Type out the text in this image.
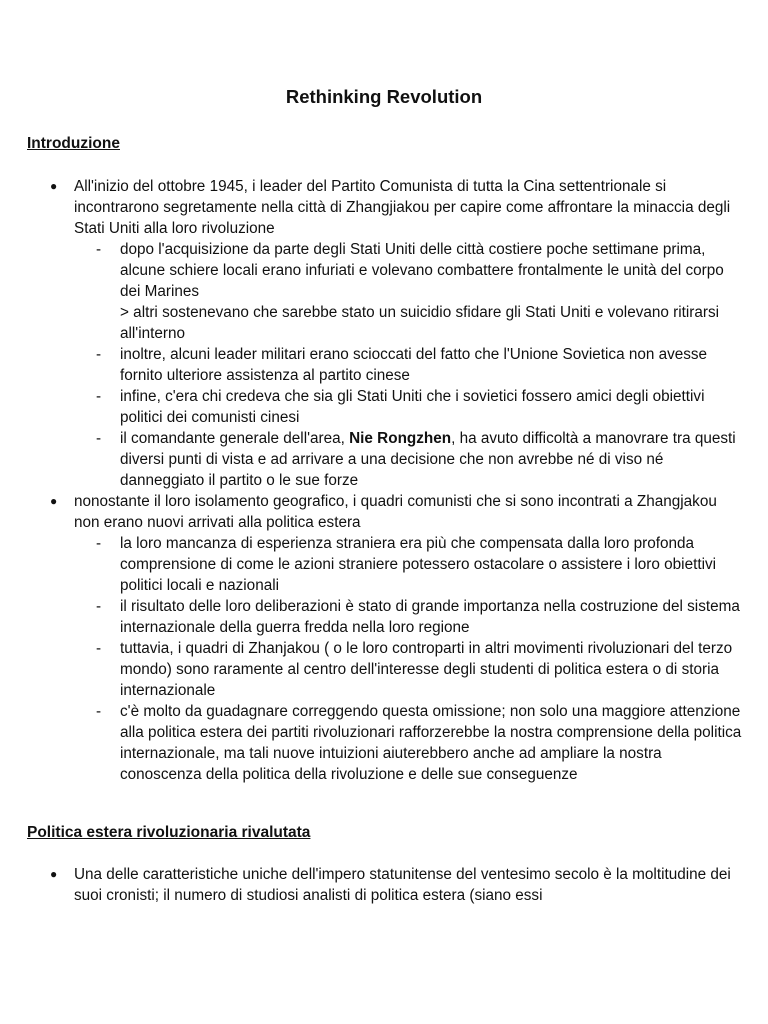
Rethinking Revolution
Introduzione
● All'inizio del ottobre 1945, i leader del Partito Comunista di tutta la Cina settentrionale si incontrarono segretamente nella città di Zhangjiakou per capire come affrontare la minaccia degli Stati Uniti alla loro rivoluzione
- dopo l'acquisizione da parte degli Stati Uniti delle città costiere poche settimane prima, alcune schiere locali erano infuriati e volevano combattere frontalmente le unità del corpo dei Marines
> altri sostenevano che sarebbe stato un suicidio sfidare gli Stati Uniti e volevano ritirarsi all'interno
- inoltre, alcuni leader militari erano scioccati del fatto che l'Unione Sovietica non avesse fornito ulteriore assistenza al partito cinese
- infine, c'era chi credeva che sia gli Stati Uniti che i sovietici fossero amici degli obiettivi politici dei comunisti cinesi
- il comandante generale dell'area, Nie Rongzhen, ha avuto difficoltà a manovrare tra questi diversi punti di vista e ad arrivare a una decisione che non avrebbe né di viso né danneggiato il partito o le sue forze
● nonostante il loro isolamento geografico, i quadri comunisti che si sono incontrati a Zhangjakou non erano nuovi arrivati alla politica estera
- la loro mancanza di esperienza straniera era più che compensata dalla loro profonda comprensione di come le azioni straniere potessero ostacolare o assistere i loro obiettivi politici locali e nazionali
- il risultato delle loro deliberazioni è stato di grande importanza nella costruzione del sistema internazionale della guerra fredda nella loro regione
- tuttavia, i quadri di Zhanjakou ( o le loro controparti in altri movimenti rivoluzionari del terzo mondo) sono raramente al centro dell'interesse degli studenti di politica estera o di storia internazionale
- c'è molto da guadagnare correggendo questa omissione; non solo una maggiore attenzione alla politica estera dei partiti rivoluzionari rafforzerebbe la nostra comprensione della politica internazionale, ma tali nuove intuizioni aiuterebbero anche ad ampliare la nostra conoscenza della politica della rivoluzione e delle sue conseguenze
Politica estera rivoluzionaria rivalutata
● Una delle caratteristiche uniche dell'impero statunitense del ventesimo secolo è la moltitudine dei suoi cronisti; il numero di studiosi analisti di politica estera (siano essi
